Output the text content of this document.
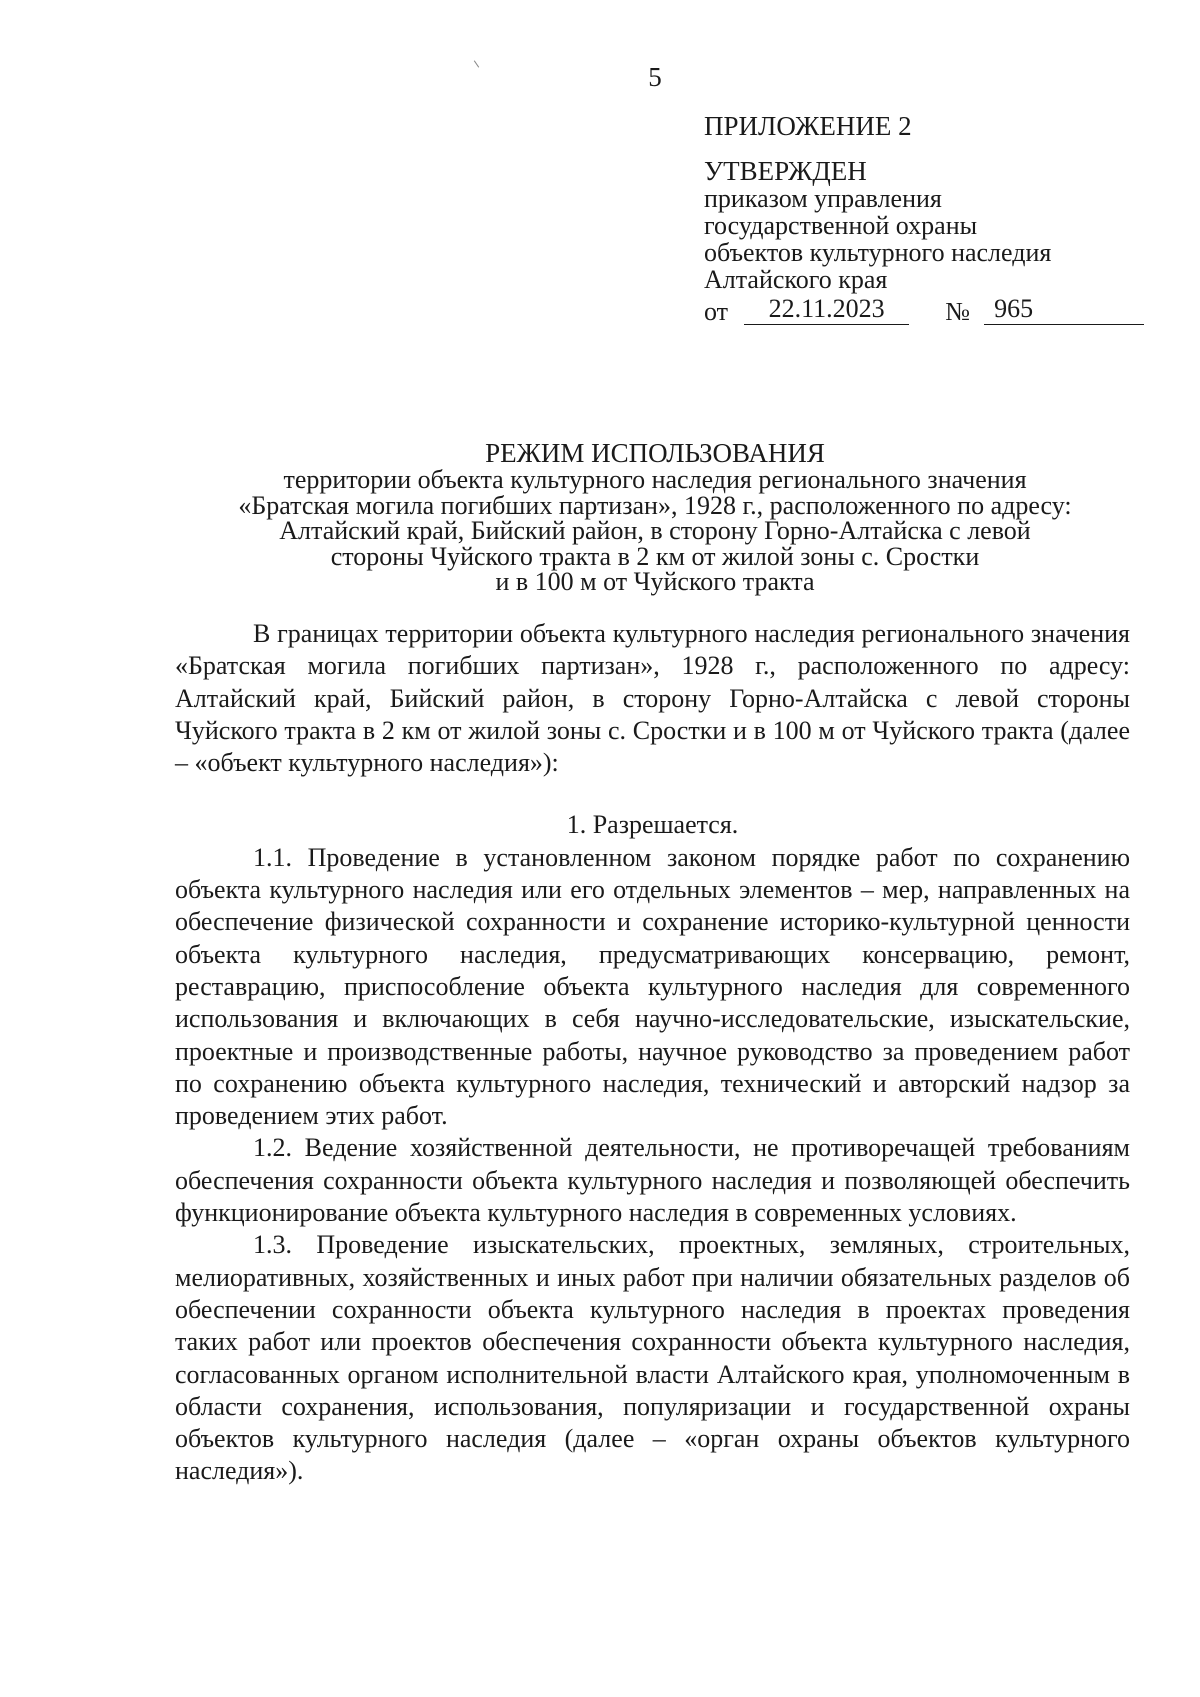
5
ПРИЛОЖЕНИЕ 2
УТВЕРЖДЕН
приказом управления
государственной охраны
объектов культурного наследия
Алтайского края
от	22.11.2023	№ 965
РЕЖИМ ИСПОЛЬЗОВАНИЯ
территории объекта культурного наследия регионального значения
«Братская могила погибших партизан», 1928 г., расположенного по адресу:
Алтайский край, Бийский район, в сторону Горно-Алтайска с левой
стороны Чуйского тракта в 2 км от жилой зоны с. Сростки
и в 100 м от Чуйского тракта

В границах территории объекта культурного наследия регионального значения «Братская могила погибших партизан», 1928 г., расположенного по адресу: Алтайский край, Бийский район, в сторону Горно-Алтайска с левой стороны Чуйского тракта в 2 км от жилой зоны с. Сростки и в 100 м от Чуйского тракта (далее – «объект культурного наследия»):

1. Разрешается.

1.1. Проведение в установленном законом порядке работ по сохранению объекта культурного наследия или его отдельных элементов – мер, направленных на обеспечение физической сохранности и сохранение историко-культурной ценности объекта культурного наследия, предусматривающих консервацию, ремонт, реставрацию, приспособление объекта культурного наследия для современного использования и включающих в себя научно-исследовательские, изыскательские, проектные и производственные работы, научное руководство за проведением работ по сохранению объекта культурного наследия, технический и авторский надзор за проведением этих работ.

1.2. Ведение хозяйственной деятельности, не противоречащей требованиям обеспечения сохранности объекта культурного наследия и позволяющей обеспечить функционирование объекта культурного наследия в современных условиях.

1.3. Проведение изыскательских, проектных, земляных, строительных, мелиоративных, хозяйственных и иных работ при наличии обязательных разделов об обеспечении сохранности объекта культурного наследия в проектах проведения таких работ или проектов обеспечения сохранности объекта культурного наследия, согласованных органом исполнительной власти Алтайского края, уполномоченным в области сохранения, использования, популяризации и государственной охраны объектов культурного наследия (далее – «орган охраны объектов культурного наследия»).
